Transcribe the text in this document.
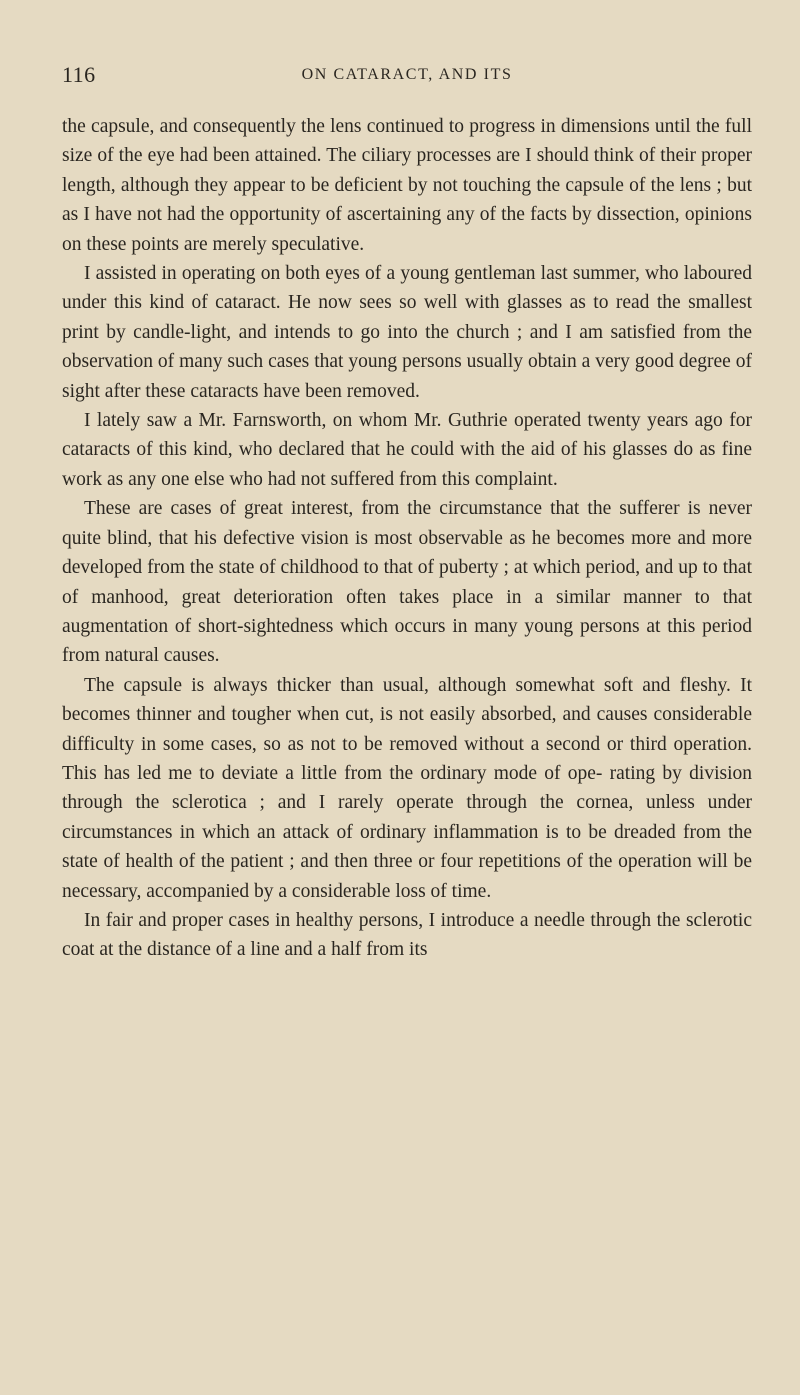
116	ON CATARACT, AND ITS

the capsule, and consequently the lens continued to progress in dimensions until the full size of the eye had been attained. The ciliary processes are I should think of their proper length, although they appear to be deficient by not touching the capsule of the lens ; but as I have not had the opportunity of ascertaining any of the facts by dissection, opinions on these points are merely speculative.

I assisted in operating on both eyes of a young gentleman last summer, who laboured under this kind of cataract. He now sees so well with glasses as to read the smallest print by candle-light, and intends to go into the church ; and I am satisfied from the observation of many such cases that young persons usually obtain a very good degree of sight after these cataracts have been removed.

I lately saw a Mr. Farnsworth, on whom Mr. Guthrie operated twenty years ago for cataracts of this kind, who declared that he could with the aid of his glasses do as fine work as any one else who had not suffered from this complaint.

These are cases of great interest, from the circumstance that the sufferer is never quite blind, that his defective vision is most observable as he becomes more and more developed from the state of childhood to that of puberty ; at which period, and up to that of manhood, great deterioration often takes place in a similar manner to that augmentation of short-sightedness which occurs in many young persons at this period from natural causes.

The capsule is always thicker than usual, although somewhat soft and fleshy. It becomes thinner and tougher when cut, is not easily absorbed, and causes considerable difficulty in some cases, so as not to be removed without a second or third operation. This has led me to deviate a little from the ordinary mode of ope- rating by division through the sclerotica ; and I rarely operate through the cornea, unless under circumstances in which an attack of ordinary inflammation is to be dreaded from the state of health of the patient ; and then three or four repetitions of the operation will be necessary, accompanied by a considerable loss of time.

In fair and proper cases in healthy persons, I introduce a needle through the sclerotic coat at the distance of a line and a half from its
